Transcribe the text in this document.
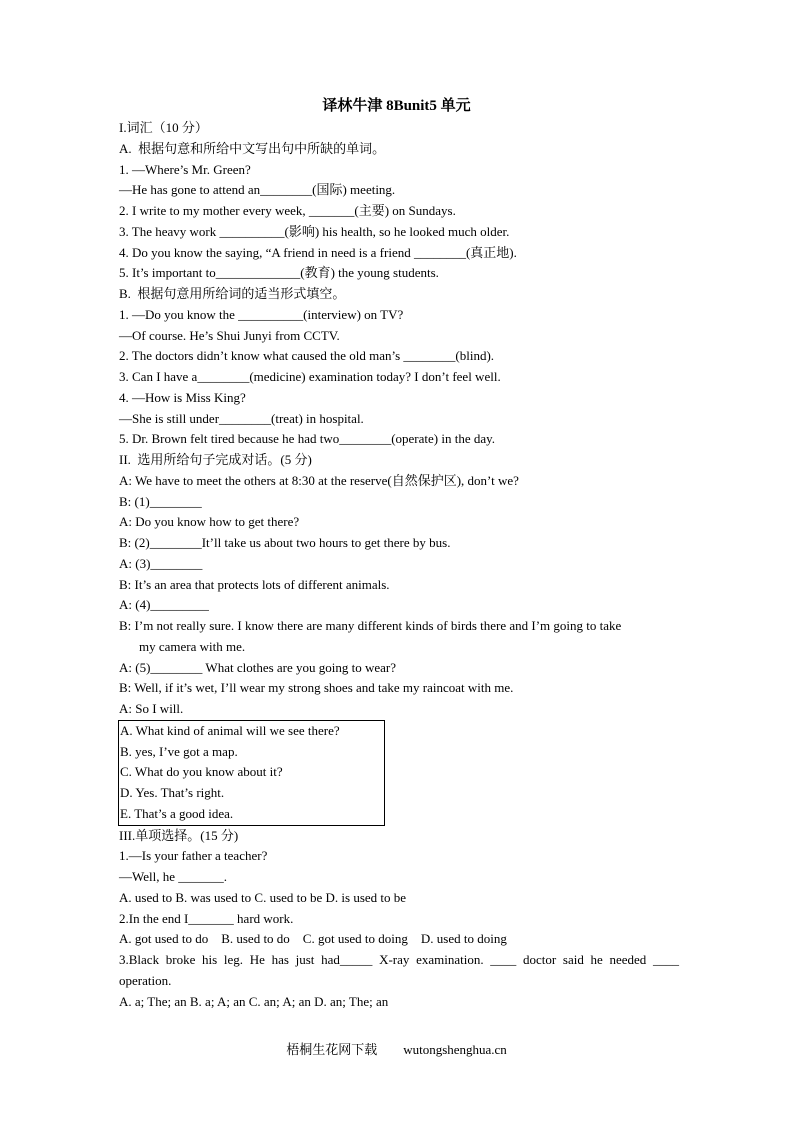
译林牛津 8Bunit5 单元
I.词汇（10 分）
A.  根据句意和所给中文写出句中所缺的单词。
1. —Where’s Mr. Green?
—He has gone to attend an________(国际) meeting.
2. I write to my mother every week, _______(主要) on Sundays.
3. The heavy work __________(影响) his health, so he looked much older.
4. Do you know the saying, “A friend in need is a friend ________(真正地).
5. It’s important to_____________(教育) the young students.
B.  根据句意用所给词的适当形式填空。
1. —Do you know the __________(interview) on TV?
—Of course. He’s Shui Junyi from CCTV.
2. The doctors didn’t know what caused the old man’s ________(blind).
3. Can I have a________(medicine) examination today? I don’t feel well.
4. —How is Miss King?
—She is still under________(treat) in hospital.
5. Dr. Brown felt tired because he had two________(operate) in the day.
II.  选用所给句子完成对话。(5 分)
A: We have to meet the others at 8:30 at the reserve(自然保护区), don’t we?
B: (1)________
A: Do you know how to get there?
B: (2)________It’ll take us about two hours to get there by bus.
A: (3)________
B: It’s an area that protects lots of different animals.
A: (4)_________
B: I’m not really sure. I know there are many different kinds of birds there and I’m going to take
my camera with me.
A: (5)________ What clothes are you going to wear?
B: Well, if it’s wet, I’ll wear my strong shoes and take my raincoat with me.
A: So I will.
A. What kind of animal will we see there?
B. yes, I’ve got a map.
C. What do you know about it?
D. Yes. That’s right.
E. That’s a good idea.
III.单项选择。(15 分)
1.—Is your father a teacher?
—Well, he _______.
A. used to B. was used to C. used to be D. is used to be
2.In the end I_______ hard work.
A. got used to do    B. used to do    C. got used to doing    D. used to doing
3.Black broke his leg. He has just had_____ X-ray examination. ____ doctor said he needed ____ operation.
A. a; The; an B. a; A; an C. an; A; an D. an; The; an
梧桐生花网下载        wutongshenghua.cn
